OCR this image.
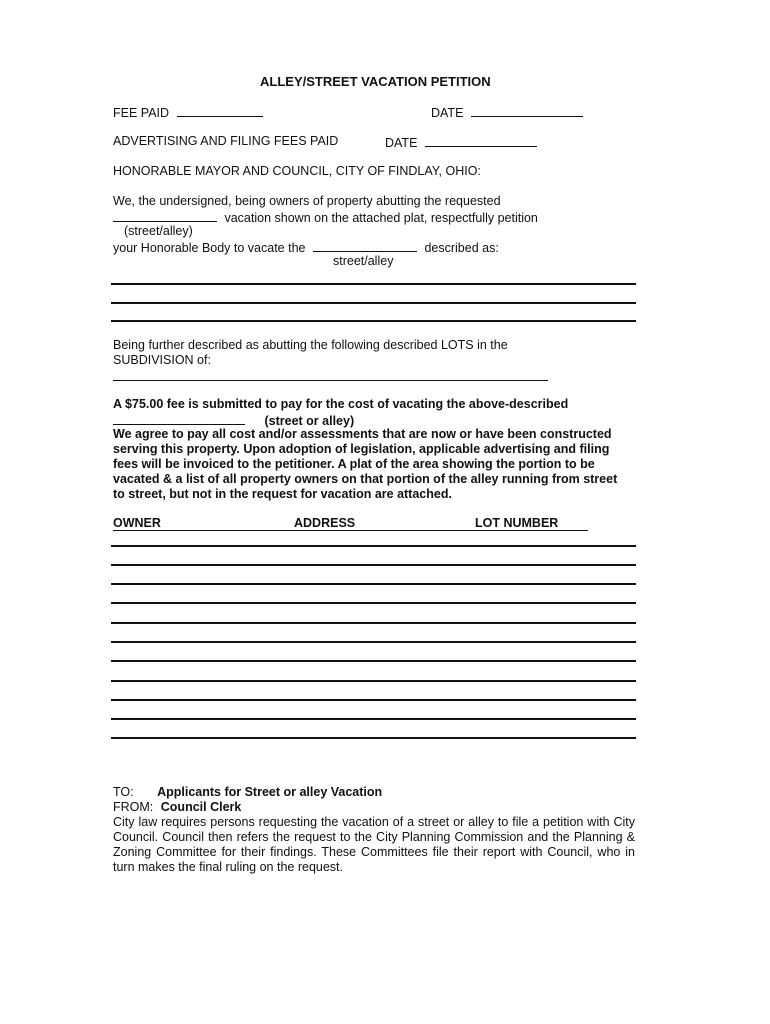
ALLEY/STREET VACATION PETITION
FEE PAID	DATE
ADVERTISING AND FILING FEES PAID	DATE
HONORABLE MAYOR AND COUNCIL, CITY OF FINDLAY, OHIO:
We, the undersigned, being owners of property abutting the requested
vacation shown on the attached plat, respectfully petition
(street/alley)
your Honorable Body to vacate the	described as:
street/alley
Being further described as abutting the following described LOTS in the
SUBDIVISION of:
A $75.00 fee is submitted to pay for the cost of vacating the above-described
(street or alley)
We agree to pay all cost and/or assessments that are now or have been constructed serving this property. Upon adoption of legislation, applicable advertising and filing fees will be invoiced to the petitioner. A plat of the area showing the portion to be vacated & a list of all property owners on that portion of the alley running from street to street, but not in the request for vacation are attached.
OWNER	ADDRESS	LOT NUMBER
TO: Applicants for Street or alley Vacation
FROM: Council Clerk
City law requires persons requesting the vacation of a street or alley to file a petition with City Council. Council then refers the request to the City Planning Commission and the Planning & Zoning Committee for their findings. These Committees file their report with Council, who in turn makes the final ruling on the request.
